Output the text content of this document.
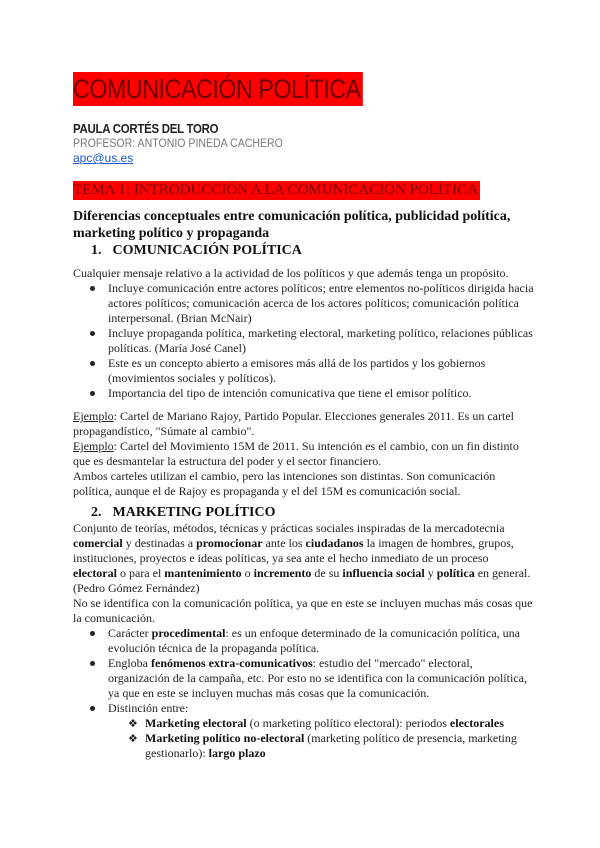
COMUNICACIÓN POLÍTICA
PAULA CORTÉS DEL TORO
PROFESOR: ANTONIO PINEDA CACHERO
apc@us.es
TEMA 1: INTRODUCCIÓN A LA COMUNICACIÓN POLÍTICA
Diferencias conceptuales entre comunicación política, publicidad política, marketing político y propaganda
1. COMUNICACIÓN POLÍTICA

Cualquier mensaje relativo a la actividad de los políticos y que además tenga un propósito.

Incluye comunicación entre actores políticos; entre elementos no-políticos dirigida hacia actores políticos; comunicación acerca de los actores políticos; comunicación política interpersonal. (Brian McNair)
Incluye propaganda política, marketing electoral, marketing político, relaciones públicas políticas. (María José Canel)
Este es un concepto abierto a emisores más allá de los partidos y los gobiernos (movimientos sociales y políticos).
Importancia del tipo de intención comunicativa que tiene el emisor político.

Ejemplo: Cartel de Mariano Rajoy, Partido Popular. Elecciones generales 2011. Es un cartel propagandístico, "Súmate al cambio".

Ejemplo: Cartel del Movimiento 15M de 2011. Su intención es el cambio, con un fin distinto que es desmantelar la estructura del poder y el sector financiero.

Ambos carteles utilizan el cambio, pero las intenciones son distintas. Son comunicación política, aunque el de Rajoy es propaganda y el del 15M es comunicación social.

2. MARKETING POLÍTICO

Conjunto de teorías, métodos, técnicas y prácticas sociales inspiradas de la mercadotecnia comercial y destinadas a promocionar ante los ciudadanos la imagen de hombres, grupos, instituciones, proyectos e ideas políticas, ya sea ante el hecho inmediato de un proceso electoral o para el mantenimiento o incremento de su influencia social y política en general. (Pedro Gómez Fernández)

No se identifica con la comunicación política, ya que en este se incluyen muchas más cosas que la comunicación.

Carácter procedimental: es un enfoque determinado de la comunicación política, una evolución técnica de la propaganda política.
Engloba fenómenos extra-comunicativos: estudio del "mercado" electoral, organización de la campaña, etc. Por esto no se identifica con la comunicación política, ya que en este se incluyen muchas más cosas que la comunicación.
Distinción entre:
❖ Marketing electoral (o marketing político electoral): periodos electorales
❖ Marketing político no-electoral (marketing político de presencia, marketing gestionarlo): largo plazo
